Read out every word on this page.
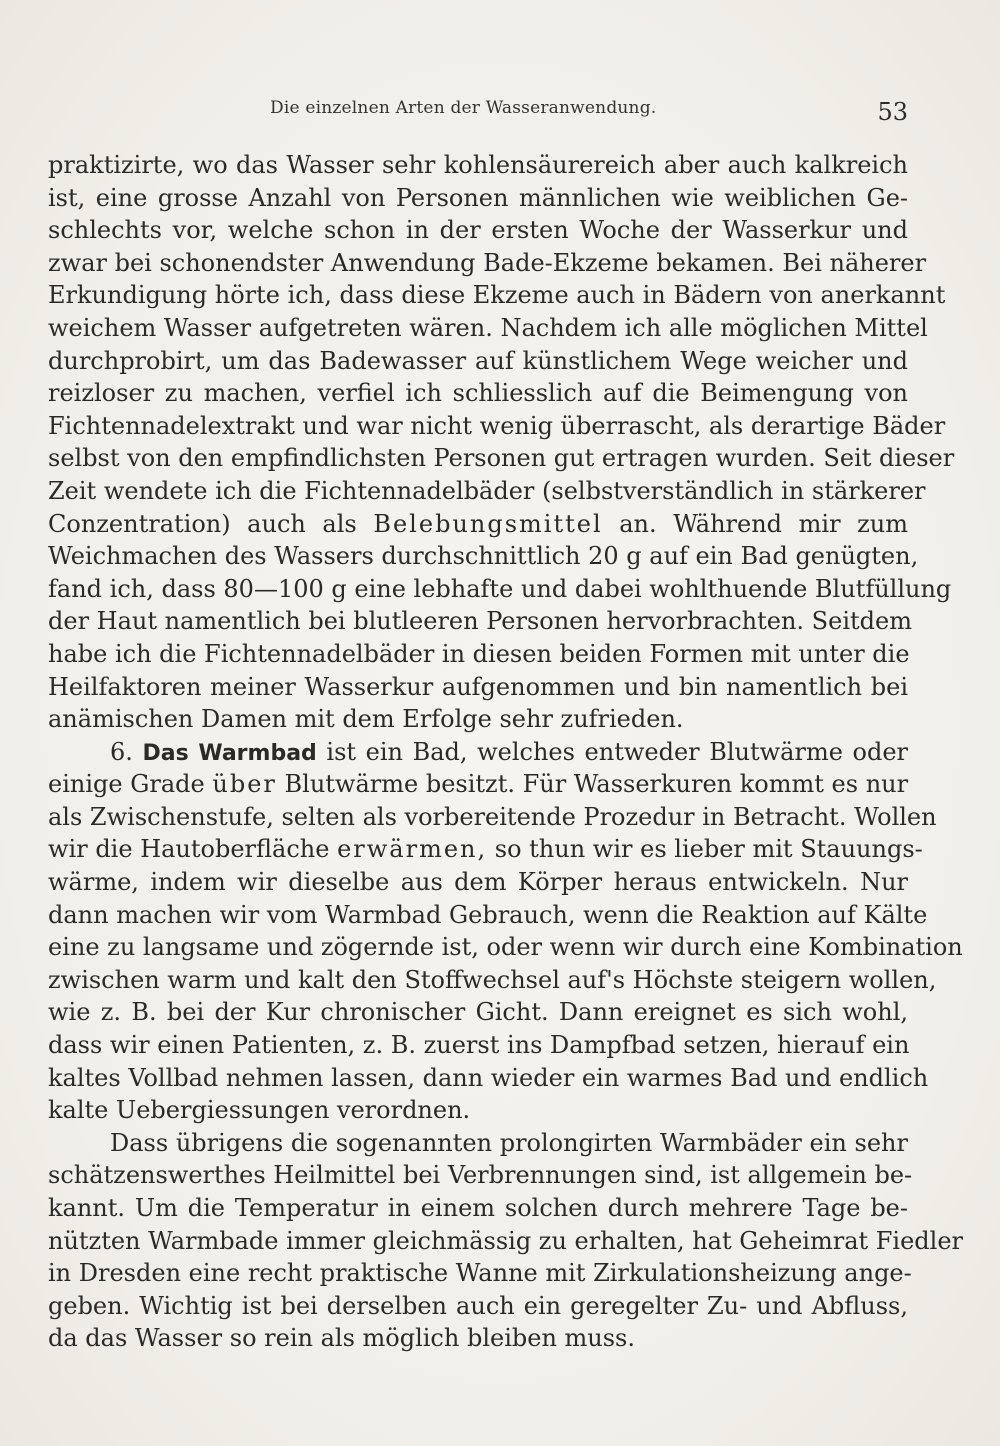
Die einzelnen Arten der Wasseranwendung.	53
praktizirte, wo das Wasser sehr kohlensäurereich aber auch kalkreich
ist, eine grosse Anzahl von Personen männlichen wie weiblichen Ge-
schlechts vor, welche schon in der ersten Woche der Wasserkur und
zwar bei schonendster Anwendung Bade-Ekzeme bekamen. Bei näherer
Erkundigung hörte ich, dass diese Ekzeme auch in Bädern von anerkannt
weichem Wasser aufgetreten wären. Nachdem ich alle möglichen Mittel
durchprobirt, um das Badewasser auf künstlichem Wege weicher und
reizloser zu machen, verfiel ich schliesslich auf die Beimengung von
Fichtennadelextrakt und war nicht wenig überrascht, als derartige Bäder
selbst von den empfindlichsten Personen gut ertragen wurden. Seit dieser
Zeit wendete ich die Fichtennadelbäder (selbstverständlich in stärkerer
Conzentration) auch als Belebungsmittel an. Während mir zum
Weichmachen des Wassers durchschnittlich 20 g auf ein Bad genügten,
fand ich, dass 80—100 g eine lebhafte und dabei wohlthuende Blutfüllung
der Haut namentlich bei blutleeren Personen hervorbrachten. Seitdem
habe ich die Fichtennadelbäder in diesen beiden Formen mit unter die
Heilfaktoren meiner Wasserkur aufgenommen und bin namentlich bei
anämischen Damen mit dem Erfolge sehr zufrieden.
6. Das Warmbad ist ein Bad, welches entweder Blutwärme oder
einige Grade über Blutwärme besitzt. Für Wasserkuren kommt es nur
als Zwischenstufe, selten als vorbereitende Prozedur in Betracht. Wollen
wir die Hautoberfläche erwärmen, so thun wir es lieber mit Stauungs-
wärme, indem wir dieselbe aus dem Körper heraus entwickeln. Nur
dann machen wir vom Warmbad Gebrauch, wenn die Reaktion auf Kälte
eine zu langsame und zögernde ist, oder wenn wir durch eine Kombination
zwischen warm und kalt den Stoffwechsel auf's Höchste steigern wollen,
wie z. B. bei der Kur chronischer Gicht. Dann ereignet es sich wohl,
dass wir einen Patienten, z. B. zuerst ins Dampfbad setzen, hierauf ein
kaltes Vollbad nehmen lassen, dann wieder ein warmes Bad und endlich
kalte Uebergiessungen verordnen.
Dass übrigens die sogenannten prolongirten Warmbäder ein sehr
schätzenswerthes Heilmittel bei Verbrennungen sind, ist allgemein be-
kannt. Um die Temperatur in einem solchen durch mehrere Tage be-
nützten Warmbade immer gleichmässig zu erhalten, hat Geheimrat Fiedler
in Dresden eine recht praktische Wanne mit Zirkulationsheizung ange-
geben. Wichtig ist bei derselben auch ein geregelter Zu- und Abfluss,
da das Wasser so rein als möglich bleiben muss.
